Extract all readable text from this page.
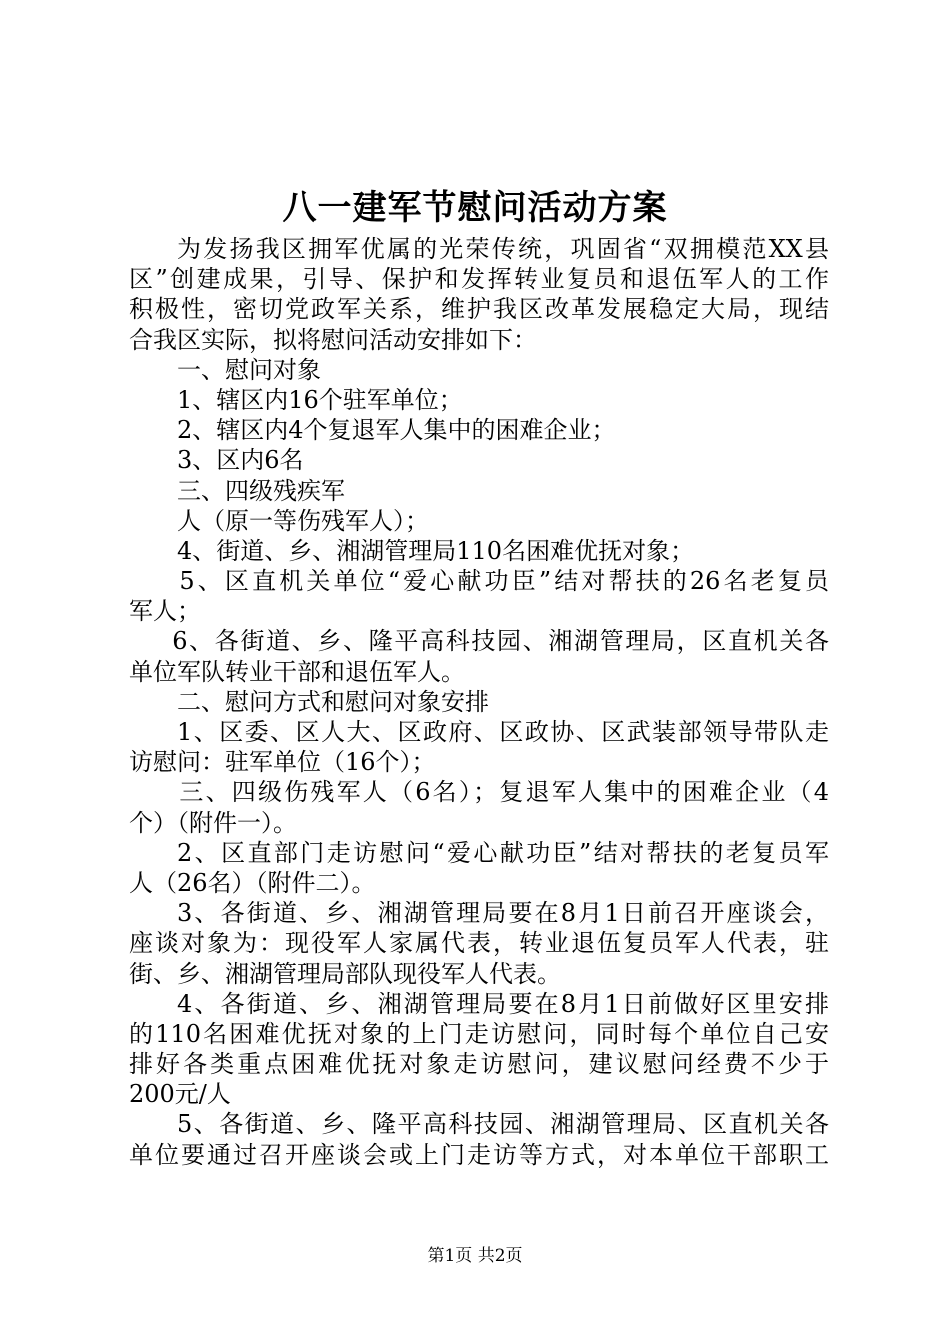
八一建军节慰问活动方案
为发扬我区拥军优属的光荣传统，巩固省“双拥模范XX县
区”创建成果，引导、保护和发挥转业复员和退伍军人的工作
积极性，密切党政军关系，维护我区改革发展稳定大局，现结
合我区实际，拟将慰问活动安排如下：
一、慰问对象
1、辖区内16个驻军单位；
2、辖区内4个复退军人集中的困难企业；
3、区内6名
三、四级残疾军
人（原一等伤残军人）；
4、街道、乡、湘湖管理局110名困难优抚对象；
5、区直机关单位“爱心献功臣”结对帮扶的26名老复员
军人；
6、各街道、乡、隆平高科技园、湘湖管理局，区直机关各
单位军队转业干部和退伍军人。
二、慰问方式和慰问对象安排
1、区委、区人大、区政府、区政协、区武装部领导带队走
访慰问：驻军单位（16个）；
三、四级伤残军人（6名）；复退军人集中的困难企业（4
个）（附件一）。
2、区直部门走访慰问“爱心献功臣”结对帮扶的老复员军
人（26名）（附件二）。
3、各街道、乡、湘湖管理局要在8月1日前召开座谈会，
座谈对象为：现役军人家属代表，转业退伍复员军人代表，驻
街、乡、湘湖管理局部队现役军人代表。
4、各街道、乡、湘湖管理局要在8月1日前做好区里安排
的110名困难优抚对象的上门走访慰问，同时每个单位自己安
排好各类重点困难优抚对象走访慰问，建议慰问经费不少于
200元/人
5、各街道、乡、隆平高科技园、湘湖管理局、区直机关各
单位要通过召开座谈会或上门走访等方式，对本单位干部职工
第1页 共2页
